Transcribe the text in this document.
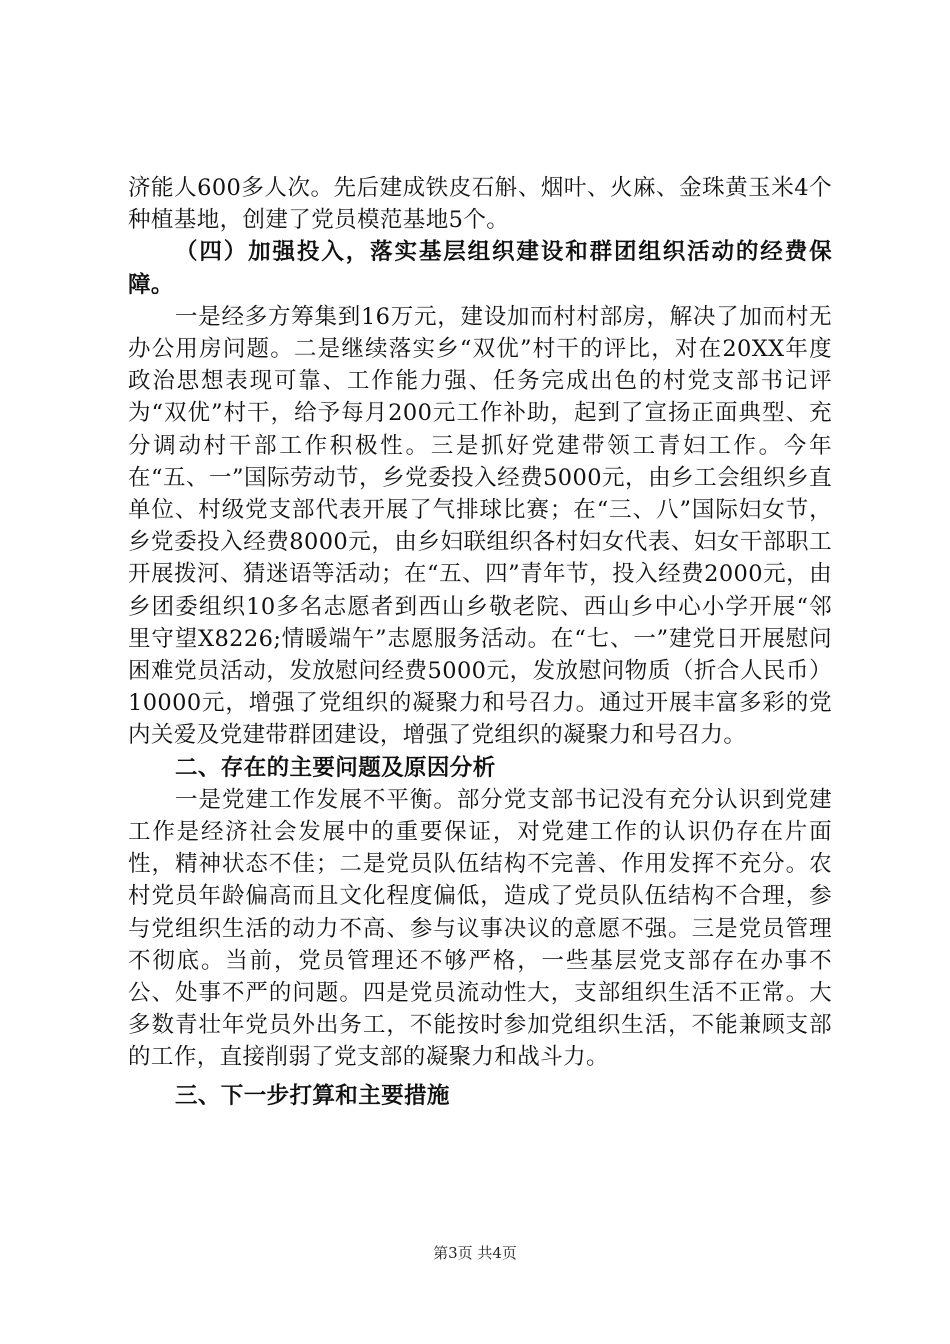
济能人600多人次。先后建成铁皮石斛、烟叶、火麻、金珠黄玉米4个种植基地，创建了党员模范基地5个。

（四）加强投入，落实基层组织建设和群团组织活动的经费保障。

一是经多方筹集到16万元，建设加而村村部房，解决了加而村无办公用房问题。二是继续落实乡“双优”村干的评比，对在20XX年度政治思想表现可靠、工作能力强、任务完成出色的村党支部书记评为“双优”村干，给予每月200元工作补助，起到了宣扬正面典型、充分调动村干部工作积极性。三是抓好党建带领工青妇工作。今年在“五、一”国际劳动节，乡党委投入经费5000元，由乡工会组织乡直单位、村级党支部代表开展了气排球比赛；在“三、八”国际妇女节，乡党委投入经费8000元，由乡妇联组织各村妇女代表、妇女干部职工开展拨河、猜迷语等活动；在“五、四”青年节，投入经费2000元，由乡团委组织10多名志愿者到西山乡敬老院、西山乡中心小学开展“邻里守望X8226;情暖端午”志愿服务活动。在“七、一”建党日开展慰问困难党员活动，发放慰问经费5000元，发放慰问物质（折合人民币）10000元，增强了党组织的凝聚力和号召力。通过开展丰富多彩的党内关爱及党建带群团建设，增强了党组织的凝聚力和号召力。

二、存在的主要问题及原因分析

一是党建工作发展不平衡。部分党支部书记没有充分认识到党建工作是经济社会发展中的重要保证，对党建工作的认识仍存在片面性，精神状态不佳；二是党员队伍结构不完善、作用发挥不充分。农村党员年龄偏高而且文化程度偏低，造成了党员队伍结构不合理，参与党组织生活的动力不高、参与议事决议的意愿不强。三是党员管理不彻底。当前，党员管理还不够严格，一些基层党支部存在办事不公、处事不严的问题。四是党员流动性大，支部组织生活不正常。大多数青壮年党员外出务工，不能按时参加党组织生活，不能兼顾支部的工作，直接削弱了党支部的凝聚力和战斗力。

三、下一步打算和主要措施

第3页 共4页
